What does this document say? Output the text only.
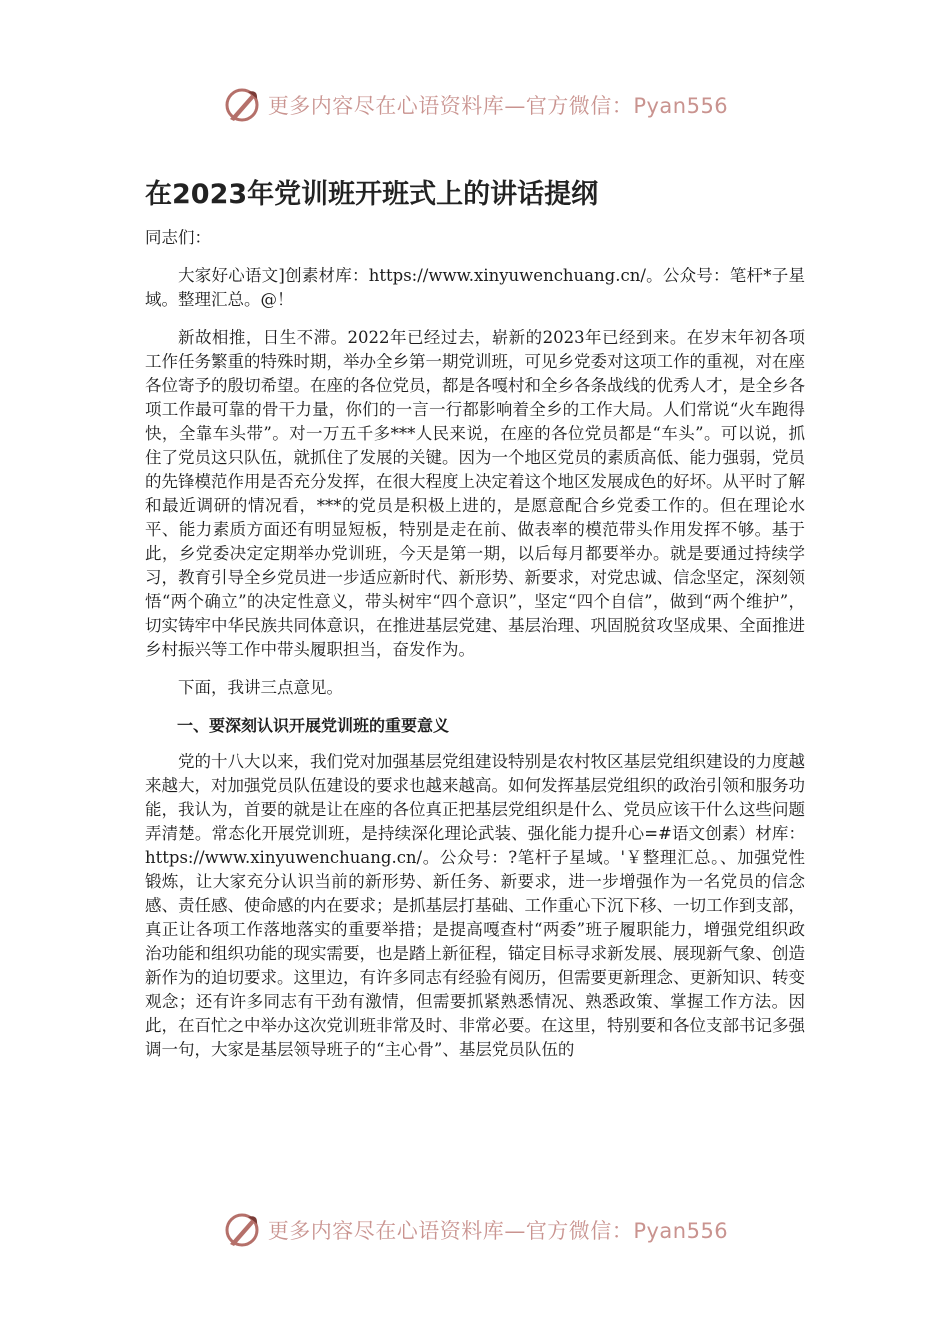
更多内容尽在心语资料库—官方微信：Pyan556
在2023年党训班开班式上的讲话提纲

同志们：

大家好心语文]创素材库：https://www.xinyuwenchuang.cn/。公众号：笔杆*子星域。整理汇总。@！

新故相推，日生不滞。2022年已经过去，崭新的2023年已经到来。在岁末年初各项工作任务繁重的特殊时期，举办全乡第一期党训班，可见乡党委对这项工作的重视，对在座各位寄予的殷切希望。在座的各位党员，都是各嘎村和全乡各条战线的优秀人才，是全乡各项工作最可靠的骨干力量，你们的一言一行都影响着全乡的工作大局。人们常说“火车跑得快，全靠车头带”。对一万五千多***人民来说，在座的各位党员都是“车头”。可以说，抓住了党员这只队伍，就抓住了发展的关键。因为一个地区党员的素质高低、能力强弱，党员的先锋模范作用是否充分发挥，在很大程度上决定着这个地区发展成色的好坏。从平时了解和最近调研的情况看，***的党员是积极上进的，是愿意配合乡党委工作的。但在理论水平、能力素质方面还有明显短板，特别是走在前、做表率的模范带头作用发挥不够。基于此，乡党委决定定期举办党训班，今天是第一期，以后每月都要举办。就是要通过持续学习，教育引导全乡党员进一步适应新时代、新形势、新要求，对党忠诚、信念坚定，深刻领悟“两个确立”的决定性意义，带头树牢“四个意识”，坚定“四个自信”，做到“两个维护”，切实铸牢中华民族共同体意识，在推进基层党建、基层治理、巩固脱贫攻坚成果、全面推进乡村振兴等工作中带头履职担当，奋发作为。

下面，我讲三点意见。

一、要深刻认识开展党训班的重要意义

党的十八大以来，我们党对加强基层党组建设特别是农村牧区基层党组织建设的力度越来越大，对加强党员队伍建设的要求也越来越高。如何发挥基层党组织的政治引领和服务功能，我认为，首要的就是让在座的各位真正把基层党组织是什么、党员应该干什么这些问题弄清楚。常态化开展党训班，是持续深化理论武装、强化能力提升心=#语文创素）材库：https://www.xinyuwenchuang.cn/。公众号：?笔杆子星域。'￥整理汇总。、加强党性锻炼，让大家充分认识当前的新形势、新任务、新要求，进一步增强作为一名党员的信念感、责任感、使命感的内在要求；是抓基层打基础、工作重心下沉下移、一切工作到支部，真正让各项工作落地落实的重要举措；是提高嘎查村“两委”班子履职能力，增强党组织政治功能和组织功能的现实需要，也是踏上新征程，锚定目标寻求新发展、展现新气象、创造新作为的迫切要求。这里边，有许多同志有经验有阅历，但需要更新理念、更新知识、转变观念；还有许多同志有干劲有激情，但需要抓紧熟悉情况、熟悉政策、掌握工作方法。因此，在百忙之中举办这次党训班非常及时、非常必要。在这里，特别要和各位支部书记多强调一句，大家是基层领导班子的“主心骨”、基层党员队伍的

更多内容尽在心语资料库—官方微信：Pyan556
